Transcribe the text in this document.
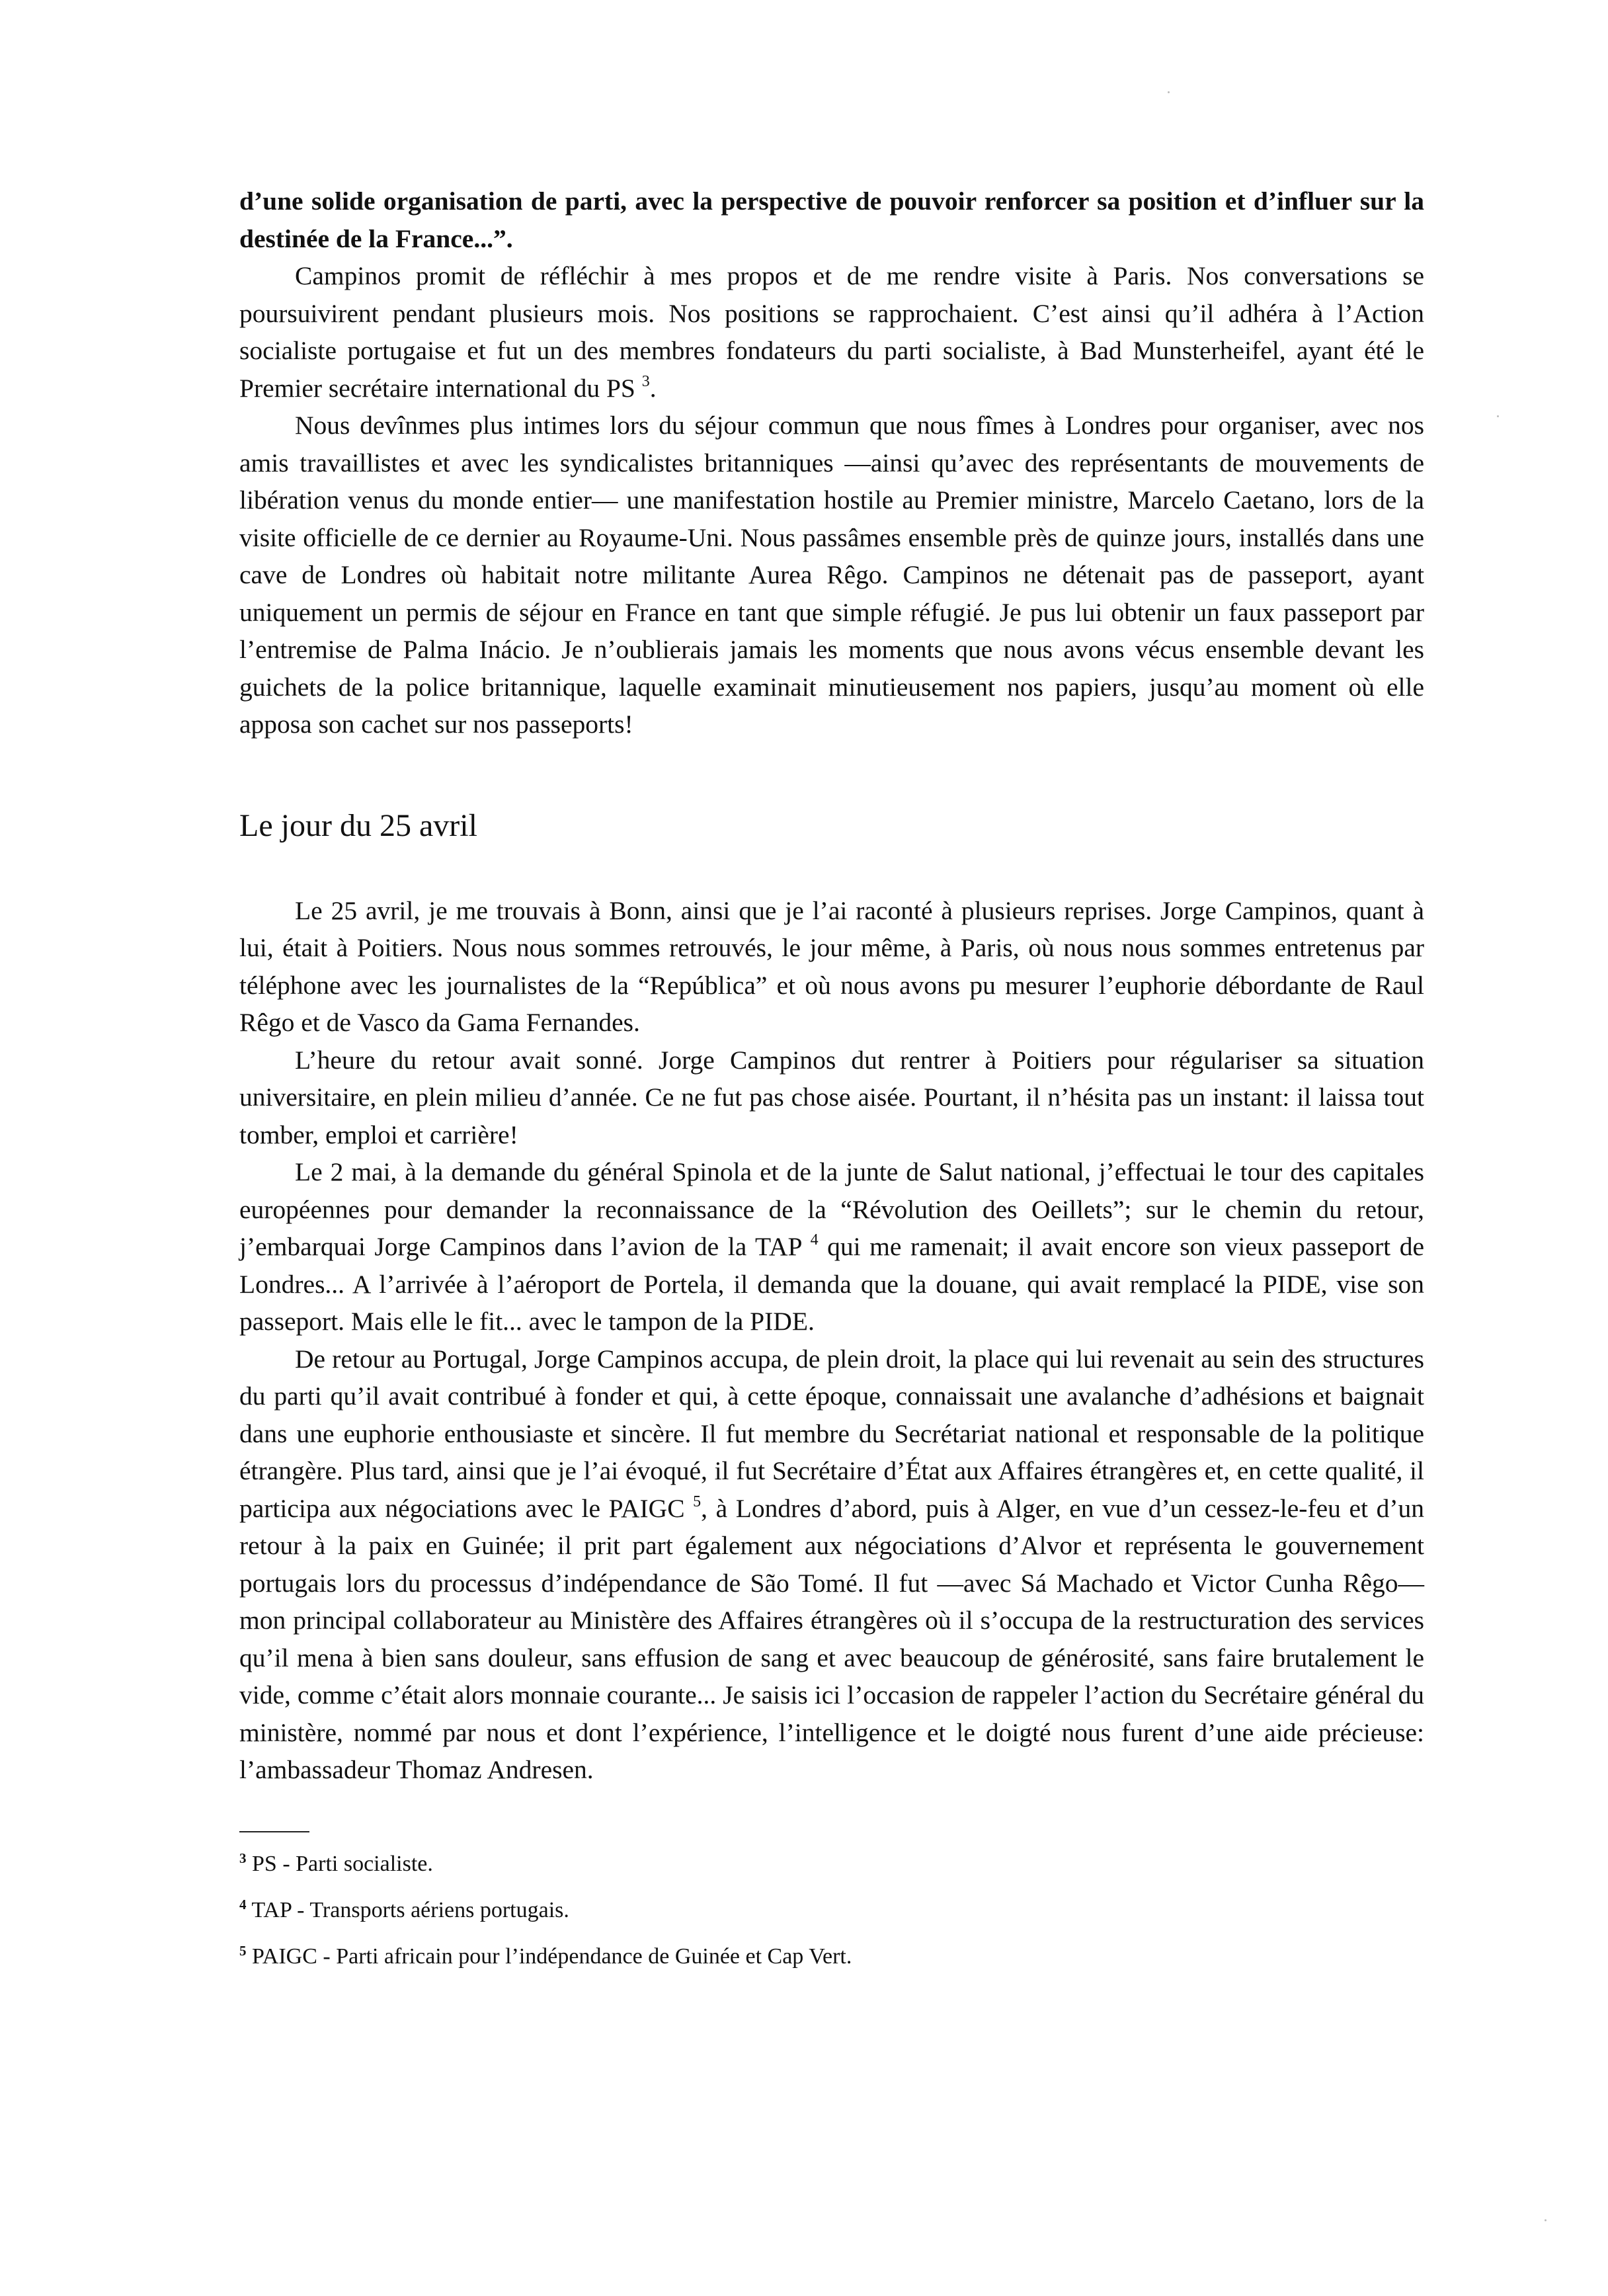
d’une solide organisation de parti, avec la perspective de pouvoir renforcer sa position et d’influer sur la destinée de la France...”.

Campinos promit de réfléchir à mes propos et de me rendre visite à Paris. Nos conversations se poursuivirent pendant plusieurs mois. Nos positions se rapprochaient. C’est ainsi qu’il adhéra à l’Action socialiste portugaise et fut un des membres fondateurs du parti socialiste, à Bad Munsterheifel, ayant été le Premier secrétaire international du PS $^3$.

Nous devînmes plus intimes lors du séjour commun que nous fîmes à Londres pour organiser, avec nos amis travaillistes et avec les syndicalistes britanniques —ainsi qu’avec des représentants de mouvements de libération venus du monde entier— une manifestation hostile au Premier ministre, Marcelo Caetano, lors de la visite officielle de ce dernier au Royaume-Uni. Nous passâmes ensemble près de quinze jours, installés dans une cave de Londres où habitait notre militante Aurea Rêgo. Campinos ne détenait pas de passeport, ayant uniquement un permis de séjour en France en tant que simple réfugié. Je pus lui obtenir un faux passeport par l’entremise de Palma Inácio. Je n’oublierais jamais les moments que nous avons vécus ensemble devant les guichets de la police britannique, laquelle examinait minutieusement nos papiers, jusqu’au moment où elle apposa son cachet sur nos passeports!

Le jour du 25 avril

Le 25 avril, je me trouvais à Bonn, ainsi que je l’ai raconté à plusieurs reprises. Jorge Campinos, quant à lui, était à Poitiers. Nous nous sommes retrouvés, le jour même, à Paris, où nous nous sommes entretenus par téléphone avec les journalistes de la “República” et où nous avons pu mesurer l’euphorie débordante de Raul Rêgo et de Vasco da Gama Fernandes.

L’heure du retour avait sonné. Jorge Campinos dut rentrer à Poitiers pour régulariser sa situation universitaire, en plein milieu d’année. Ce ne fut pas chose aisée. Pourtant, il n’hésita pas un instant: il laissa tout tomber, emploi et carrière!

Le 2 mai, à la demande du général Spinola et de la junte de Salut national, j’effectuai le tour des capitales européennes pour demander la reconnaissance de la “Révolution des Oeillets”; sur le chemin du retour, j’embarquai Jorge Campinos dans l’avion de la TAP $^4$ qui me ramenait; il avait encore son vieux passeport de Londres... A l’arrivée à l’aéroport de Portela, il demanda que la douane, qui avait remplacé la PIDE, vise son passeport. Mais elle le fit... avec le tampon de la PIDE.

De retour au Portugal, Jorge Campinos accupa, de plein droit, la place qui lui revenait au sein des structures du parti qu’il avait contribué à fonder et qui, à cette époque, connaissait une avalanche d’adhésions et baignait dans une euphorie enthousiaste et sincère. Il fut membre du Secrétariat national et responsable de la politique étrangère. Plus tard, ainsi que je l’ai évoqué, il fut Secrétaire d’État aux Affaires étrangères et, en cette qualité, il participa aux négociations avec le PAIGC $^5$, à Londres d’abord, puis à Alger, en vue d’un cessez-le-feu et d’un retour à la paix en Guinée; il prit part également aux négociations d’Alvor et représenta le gouvernement portugais lors du processus d’indépendance de São Tomé. Il fut —avec Sá Machado et Victor Cunha Rêgo— mon principal collaborateur au Ministère des Affaires étrangères où il s’occupa de la restructuration des services qu’il mena à bien sans douleur, sans effusion de sang et avec beaucoup de générosité, sans faire brutalement le vide, comme c’était alors monnaie courante... Je saisis ici l’occasion de rappeler l’action du Secrétaire général du ministère, nommé par nous et dont l’expérience, l’intelligence et le doigté nous furent d’une aide précieuse: l’ambassadeur Thomaz Andresen.

$^3$ PS - Parti socialiste.
$^4$ TAP - Transports aériens portugais.
$^5$ PAIGC - Parti africain pour l’indépendance de Guinée et Cap Vert.
